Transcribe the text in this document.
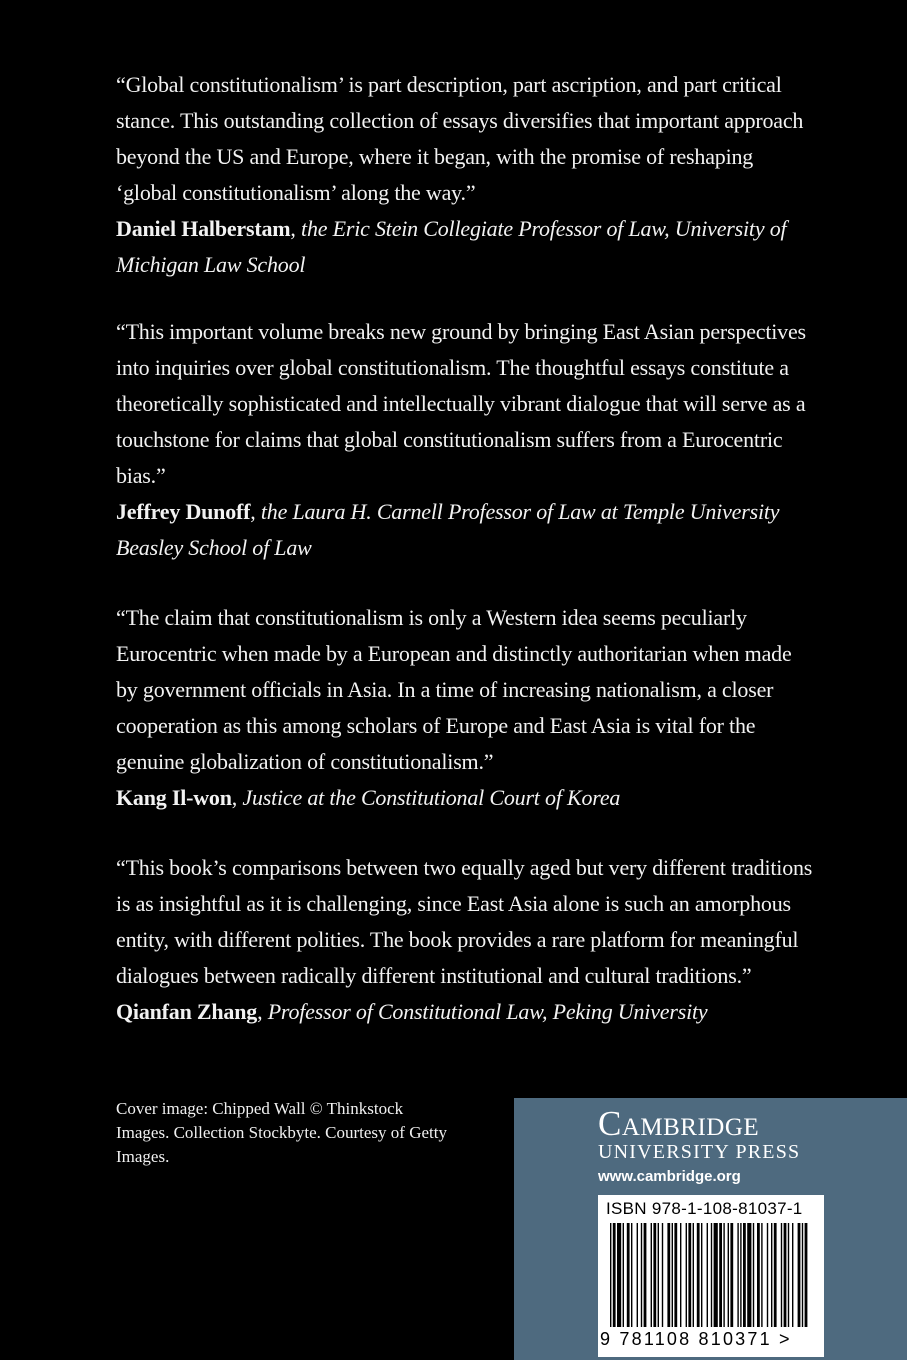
“Global constitutionalism’ is part description, part ascription, and part critical stance. This outstanding collection of essays diversifies that important approach beyond the US and Europe, where it began, with the promise of reshaping ‘global constitutionalism’ along the way.”

Daniel Halberstam, the Eric Stein Collegiate Professor of Law, University of Michigan Law School

“This important volume breaks new ground by bringing East Asian perspectives into inquiries over global constitutionalism. The thoughtful essays constitute a theoretically sophisticated and intellectually vibrant dialogue that will serve as a touchstone for claims that global constitutionalism suffers from a Eurocentric bias.”

Jeffrey Dunoff, the Laura H. Carnell Professor of Law at Temple University Beasley School of Law

“The claim that constitutionalism is only a Western idea seems peculiarly Eurocentric when made by a European and distinctly authoritarian when made by government officials in Asia. In a time of increasing nationalism, a closer cooperation as this among scholars of Europe and East Asia is vital for the genuine globalization of constitutionalism.”

Kang Il-won, Justice at the Constitutional Court of Korea

“This book’s comparisons between two equally aged but very different traditions is as insightful as it is challenging, since East Asia alone is such an amorphous entity, with different polities. The book provides a rare platform for meaningful dialogues between radically different institutional and cultural traditions.”

Qianfan Zhang, Professor of Constitutional Law, Peking University

Cover image: Chipped Wall © Thinkstock Images. Collection Stockbyte. Courtesy of Getty Images.
Cambridge
UNIVERSITY PRESS
www.cambridge.org
ISBN 978-1-108-81037-1
9 781108 810371 >
